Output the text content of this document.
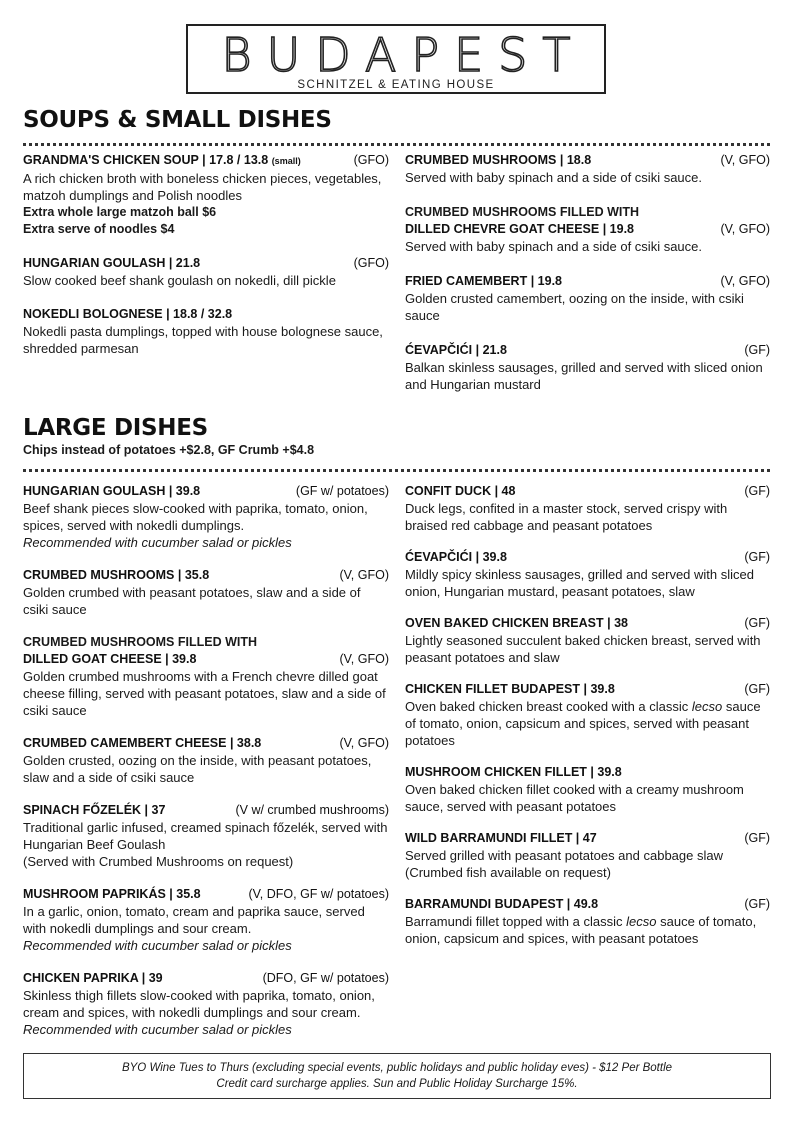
BUDAPEST
SCHNITZEL & EATING HOUSE
SOUPS & SMALL DISHES
GRANDMA'S CHICKEN SOUP | 17.8 / 13.8 (small)	(GFO)

A rich chicken broth with boneless chicken pieces, vegetables, matzoh dumplings and Polish noodles

Extra whole large matzoh ball $6

Extra serve of noodles $4

HUNGARIAN GOULASH | 21.8	(GFO)

Slow cooked beef shank goulash on nokedli, dill pickle

NOKEDLI BOLOGNESE | 18.8 / 32.8

Nokedli pasta dumplings, topped with house bolognese sauce, shredded parmesan

CRUMBED MUSHROOMS | 18.8	(V, GFO)

Served with baby spinach and a side of csiki sauce.

CRUMBED MUSHROOMS FILLED WITH
DILLED CHEVRE GOAT CHEESE | 19.8	(V, GFO)

Served with baby spinach and a side of csiki sauce.

FRIED CAMEMBERT | 19.8	(V, GFO)

Golden crusted camembert, oozing on the inside, with csiki sauce

ĆEVAPČIĆI | 21.8	(GF)

Balkan skinless sausages, grilled and served with sliced onion and Hungarian mustard

LARGE DISHES
Chips instead of potatoes +$2.8, GF Crumb +$4.8
HUNGARIAN GOULASH | 39.8	(GF w/ potatoes)

Beef shank pieces slow-cooked with paprika, tomato, onion, spices, served with nokedli dumplings.

Recommended with cucumber salad or pickles

CRUMBED MUSHROOMS | 35.8	(V, GFO)

Golden crumbed with peasant potatoes, slaw and a side of csiki sauce

CRUMBED MUSHROOMS FILLED WITH
DILLED GOAT CHEESE | 39.8	(V, GFO)

Golden crumbed mushrooms with a French chevre dilled goat cheese filling, served with peasant potatoes, slaw and a side of csiki sauce

CRUMBED CAMEMBERT CHEESE | 38.8	(V, GFO)

Golden crusted, oozing on the inside, with peasant potatoes, slaw and a side of csiki sauce

SPINACH FŐZELÉK | 37	(V w/ crumbed mushrooms)

Traditional garlic infused, creamed spinach főzelék, served with Hungarian Beef Goulash

(Served with Crumbed Mushrooms on request)

MUSHROOM PAPRIKÁS | 35.8	(V, DFO, GF w/ potatoes)

In a garlic, onion, tomato, cream and paprika sauce, served with nokedli dumplings and sour cream.

Recommended with cucumber salad or pickles

CHICKEN PAPRIKA | 39	(DFO, GF w/ potatoes)

Skinless thigh fillets slow-cooked with paprika, tomato, onion, cream and spices, with nokedli dumplings and sour cream. Recommended with cucumber salad or pickles

CONFIT DUCK | 48	(GF)

Duck legs, confited in a master stock, served crispy with braised red cabbage and peasant potatoes

ĆEVAPČIĆI | 39.8	(GF)

Mildly spicy skinless sausages, grilled and served with sliced onion, Hungarian mustard, peasant potatoes, slaw

OVEN BAKED CHICKEN BREAST | 38	(GF)

Lightly seasoned succulent baked chicken breast, served with peasant potatoes and slaw

CHICKEN FILLET BUDAPEST | 39.8	(GF)

Oven baked chicken breast cooked with a classic lecso sauce of tomato, onion, capsicum and spices, served with peasant potatoes

MUSHROOM CHICKEN FILLET | 39.8

Oven baked chicken fillet cooked with a creamy mushroom sauce, served with peasant potatoes

WILD BARRAMUNDI FILLET | 47	(GF)

Served grilled with peasant potatoes and cabbage slaw

(Crumbed fish available on request)

BARRAMUNDI BUDAPEST | 49.8	(GF)

Barramundi fillet topped with a classic lecso sauce of tomato, onion, capsicum and spices, with peasant potatoes

BYO Wine Tues to Thurs (excluding special events, public holidays and public holiday eves) - $12 Per Bottle
Credit card surcharge applies. Sun and Public Holiday Surcharge 15%.
